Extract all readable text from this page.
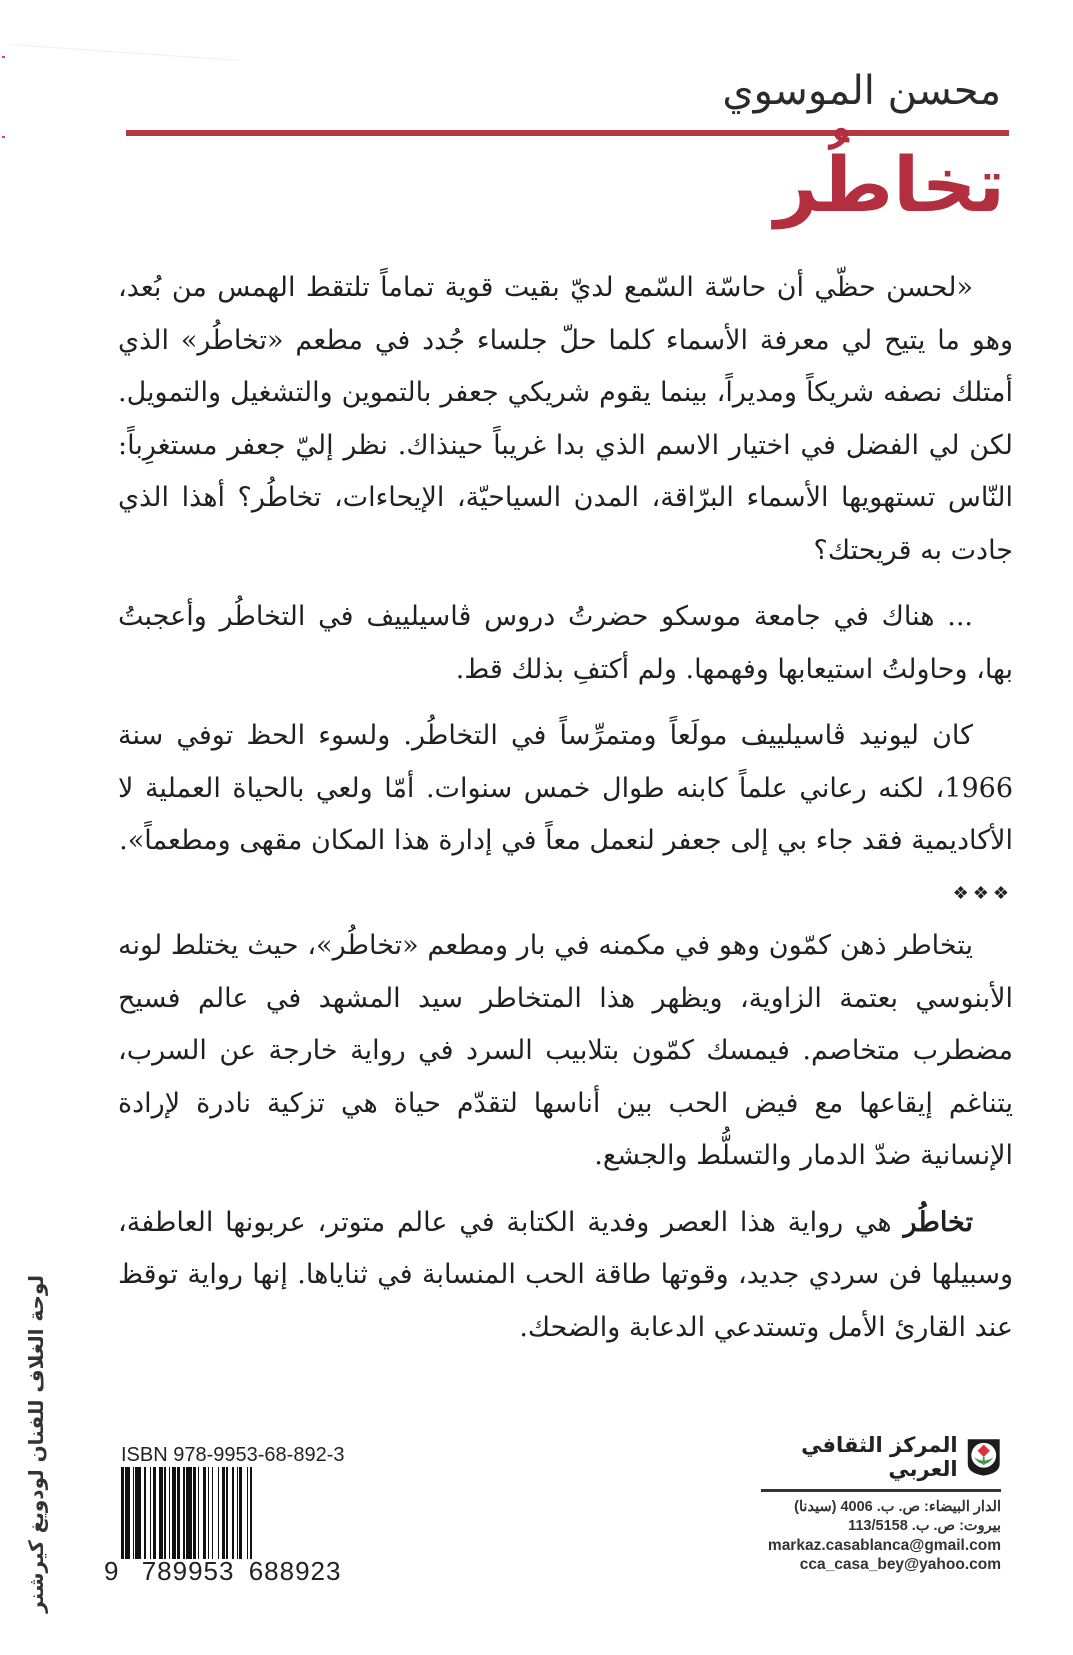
محسن الموسوي
تخاطُر

«لحسن حظّي أن حاسّة السّمع لديّ بقيت قوية تماماً تلتقط الهمس من بُعد، وهو ما يتيح لي معرفة الأسماء كلما حلّ جلساء جُدد في مطعم «تخاطُر» الذي أمتلك نصفه شريكاً ومديراً، بينما يقوم شريكي جعفر بالتموين والتشغيل والتمويل. لكن لي الفضل في اختيار الاسم الذي بدا غريباً حينذاك. نظر إليّ جعفر مستغرِباً: النّاس تستهويها الأسماء البرّاقة، المدن السياحيّة، الإيحاءات، تخاطُر؟ أهذا الذي جادت به قريحتك؟

... هناك في جامعة موسكو حضرتُ دروس ڤاسيلييف في التخاطُر وأعجبتُ بها، وحاولتُ استيعابها وفهمها. ولم أكتفِ بذلك قط.

كان ليونيد ڤاسيلييف مولَعاً ومتمرِّساً في التخاطُر. ولسوء الحظ توفي سنة 1966، لكنه رعاني علماً كابنه طوال خمس سنوات. أمّا ولعي بالحياة العملية لا الأكاديمية فقد جاء بي إلى جعفر لنعمل معاً في إدارة هذا المكان مقهى ومطعماً».

❖❖❖

يتخاطر ذهن كمّون وهو في مكمنه في بار ومطعم «تخاطُر»، حيث يختلط لونه الأبنوسي بعتمة الزاوية، ويظهر هذا المتخاطر سيد المشهد في عالم فسيح مضطرب متخاصم. فيمسك كمّون بتلابيب السرد في رواية خارجة عن السرب، يتناغم إيقاعها مع فيض الحب بين أناسها لتقدّم حياة هي تزكية نادرة لإرادة الإنسانية ضدّ الدمار والتسلُّط والجشع.

تخاطُر هي رواية هذا العصر وفدية الكتابة في عالم متوتر، عربونها العاطفة، وسبيلها فن سردي جديد، وقوتها طاقة الحب المنسابة في ثناياها. إنها رواية توقظ عند القارئ الأمل وتستدعي الدعابة والضحك.

لوحة الغلاف للفنان لودويغ كيرشنر	ISBN 978-9953-68-892-3
9 789953 688923
المركز الثقافي العربي
الدار البيضاء: ص. ب. 4006 (سيدنا)
بيروت: ص. ب. 113/5158
markaz.casablanca@gmail.com
cca_casa_bey@yahoo.com
